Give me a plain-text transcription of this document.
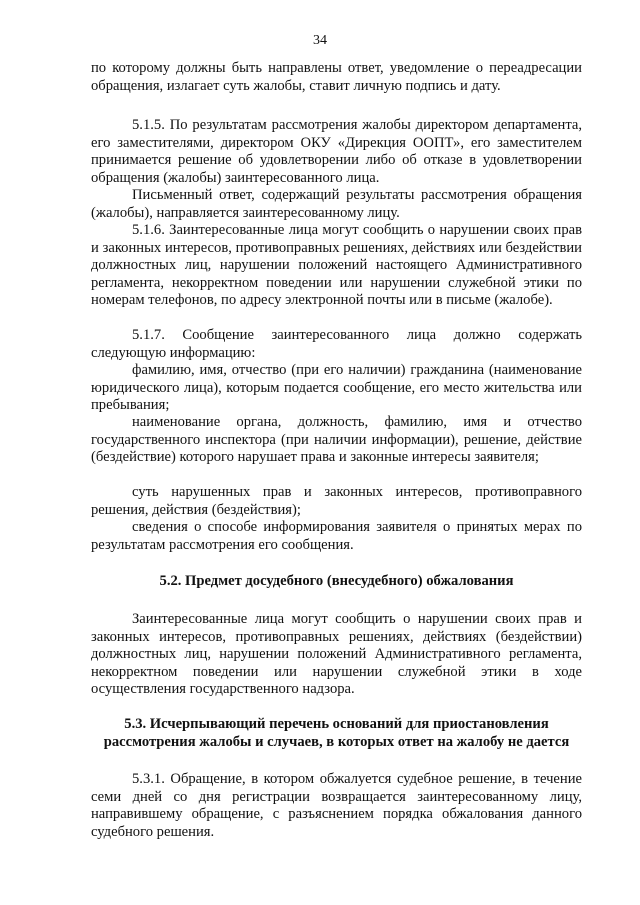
34

по которому должны быть направлены ответ, уведомление о переадресации обращения, излагает суть жалобы, ставит личную подпись и дату.

5.1.5. По результатам рассмотрения жалобы директором департамента, его заместителями, директором ОКУ «Дирекция ООПТ», его заместителем принимается решение об удовлетворении либо об отказе в удовлетворении обращения (жалобы) заинтересованного лица.

Письменный ответ, содержащий результаты рассмотрения обращения (жалобы), направляется заинтересованному лицу.

5.1.6. Заинтересованные лица могут сообщить о нарушении своих прав и законных интересов, противоправных решениях, действиях или бездействии должностных лиц, нарушении положений настоящего Административного регламента, некорректном поведении или нарушении служебной этики по номерам телефонов, по адресу электронной почты или в письме (жалобе).

5.1.7. Сообщение заинтересованного лица должно содержать следующую информацию:

фамилию, имя, отчество (при его наличии) гражданина (наименование юридического лица), которым подается сообщение, его место жительства или пребывания;

наименование органа, должность, фамилию, имя и отчество государственного инспектора (при наличии информации), решение, действие (бездействие) которого нарушает права и законные интересы заявителя;

суть нарушенных прав и законных интересов, противоправного решения, действия (бездействия);

сведения о способе информирования заявителя о принятых мерах по результатам рассмотрения его сообщения.

5.2. Предмет досудебного (внесудебного) обжалования

Заинтересованные лица могут сообщить о нарушении своих прав и законных интересов, противоправных решениях, действиях (бездействии) должностных лиц, нарушении положений Административного регламента, некорректном поведении или нарушении служебной этики в ходе осуществления государственного надзора.

5.3. Исчерпывающий перечень оснований для приостановления
рассмотрения жалобы и случаев, в которых ответ на жалобу не дается

5.3.1. Обращение, в котором обжалуется судебное решение, в течение семи дней со дня регистрации возвращается заинтересованному лицу, направившему обращение, с разъяснением порядка обжалования данного судебного решения.
